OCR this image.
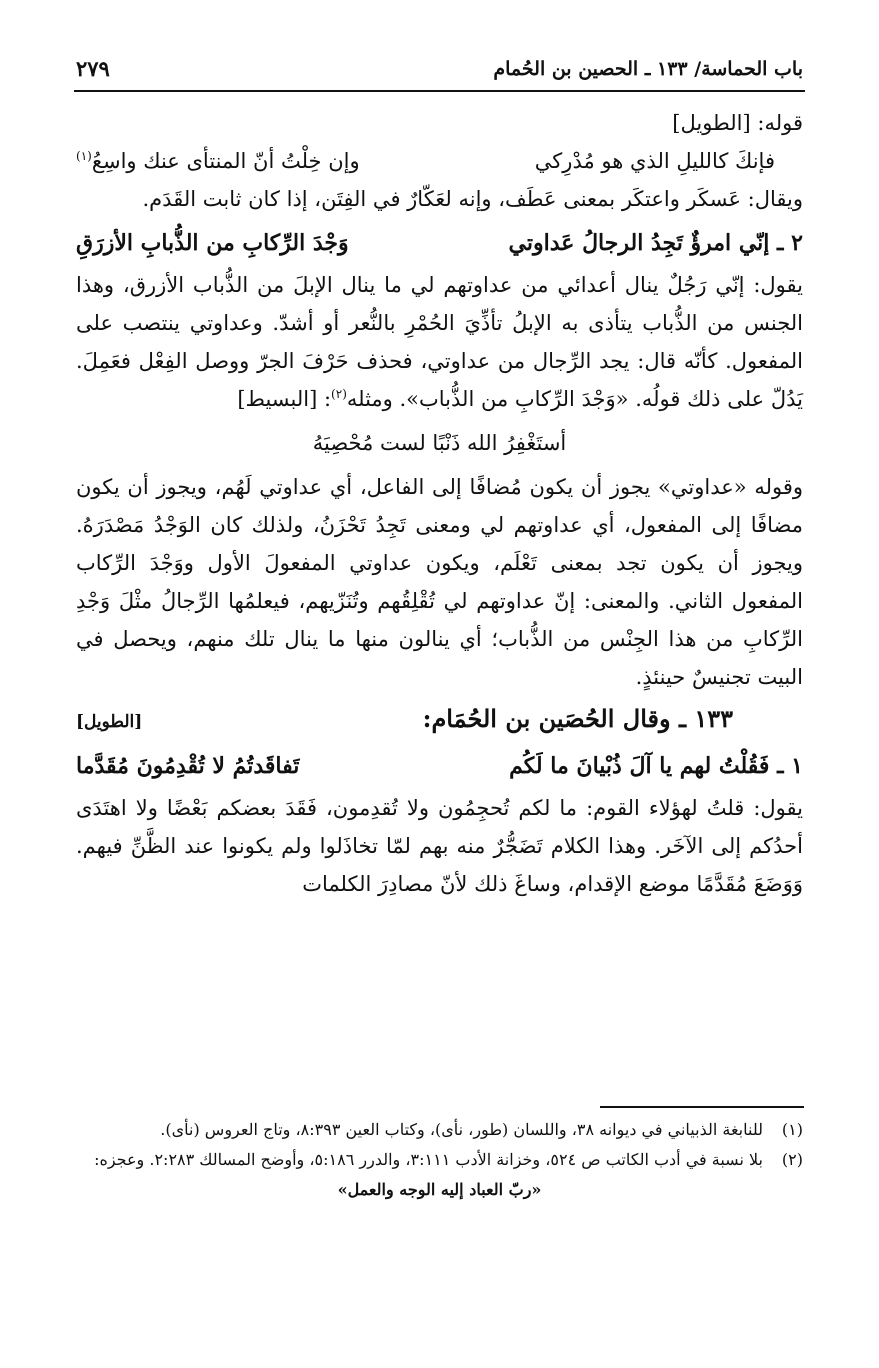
باب الحماسة/ ١٣٣ ـ الحصين بن الحُمام
٢٧٩

قوله: [الطويل]

فإنكَ كالليلِ الذي هو مُدْرِكي
وإن خِلْتُ أنّ المنتأى عنك واسِعُ$^{(١)}$

ويقال: عَسكَر واعتكَر بمعنى عَطَف، وإنه لعَكّارٌ في الفِتَن، إذا كان ثابت القَدَم.

٢ ـ إنّي امرؤٌ تَجِدُ الرجالُ عَداوتي
وَجْدَ الرِّكابِ من الذُّبابِ الأزرَقِ

يقول: إنّي رَجُلٌ ينال أعدائي من عداوتهم لي ما ينال الإبلَ من الذُّباب الأزرق، وهذا الجنس من الذُّباب يتأذى به الإبلُ تأذِّيَ الحُمْرِ بالنُّعر أو أشدّ. وعداوتي ينتصب على المفعول. كأنّه قال: يجد الرِّجال من عداوتي، فحذف حَرْفَ الجرّ ووصل الفِعْل فعَمِلَ. يَدُلّ على ذلك قولُه. «وَجْدَ الرِّكابِ من الذُّباب». ومثله$^{(٢)}$: [البسيط]

أستَغْفِرُ الله ذَنْبًا لست مُحْصِيَهُ

وقوله «عداوتي» يجوز أن يكون مُضافًا إلى الفاعل، أي عداوتي لَهُم، ويجوز أن يكون مضافًا إلى المفعول، أي عداوتهم لي ومعنى تَجِدُ تَحْزَنُ، ولذلك كان الوَجْدُ مَصْدَرَهُ. ويجوز أن يكون تجد بمعنى تَعْلَم، ويكون عداوتي المفعولَ الأول ووَجْدَ الرِّكاب المفعول الثاني. والمعنى: إنّ عداوتهم لي تُقْلِقُهم وتُنَزّيهم، فيعلمُها الرِّجالُ مثْلَ وَجْدِ الرِّكابِ من هذا الجِنْس من الذُّباب؛ أي ينالون منها ما ينال تلك منهم، ويحصل في البيت تجنيسٌ حينئذٍ.

١٣٣ ـ وقال الحُصَين بن الحُمَام:
[الطويل]
١ ـ فَقُلْتُ لهم يا آلَ ذُبْيانَ ما لَكُم
تَفاقَدتُمُ لا تُقْدِمُونَ مُقَدَّما

يقول: قلتُ لهؤلاء القوم: ما لكم تُحجِمُون ولا تُقدِمون، فَقَدَ بعضكم بَعْضًا ولا اهتَدَى أحدُكم إلى الآخَر. وهذا الكلام تَضَجُّرٌ منه بهم لمّا تخاذَلوا ولم يكونوا عند الظَّنِّ فيهم. وَوَضَعَ مُقَدَّمًا موضع الإقدام، وساغَ ذلك لأنّ مصادِرَ الكلمات

(١)
للنابغة الذبياني في ديوانه ٣٨، واللسان (طور، نأى)، وكتاب العين ٨:٣٩٣، وتاج العروس (نأى).
(٢)
بلا نسبة في أدب الكاتب ص ٥٢٤، وخزانة الأدب ٣:١١١، والدرر ٥:١٨٦، وأوضح المسالك ٢:٢٨٣. وعجزه:
«ربّ العباد إليه الوجه والعمل»
